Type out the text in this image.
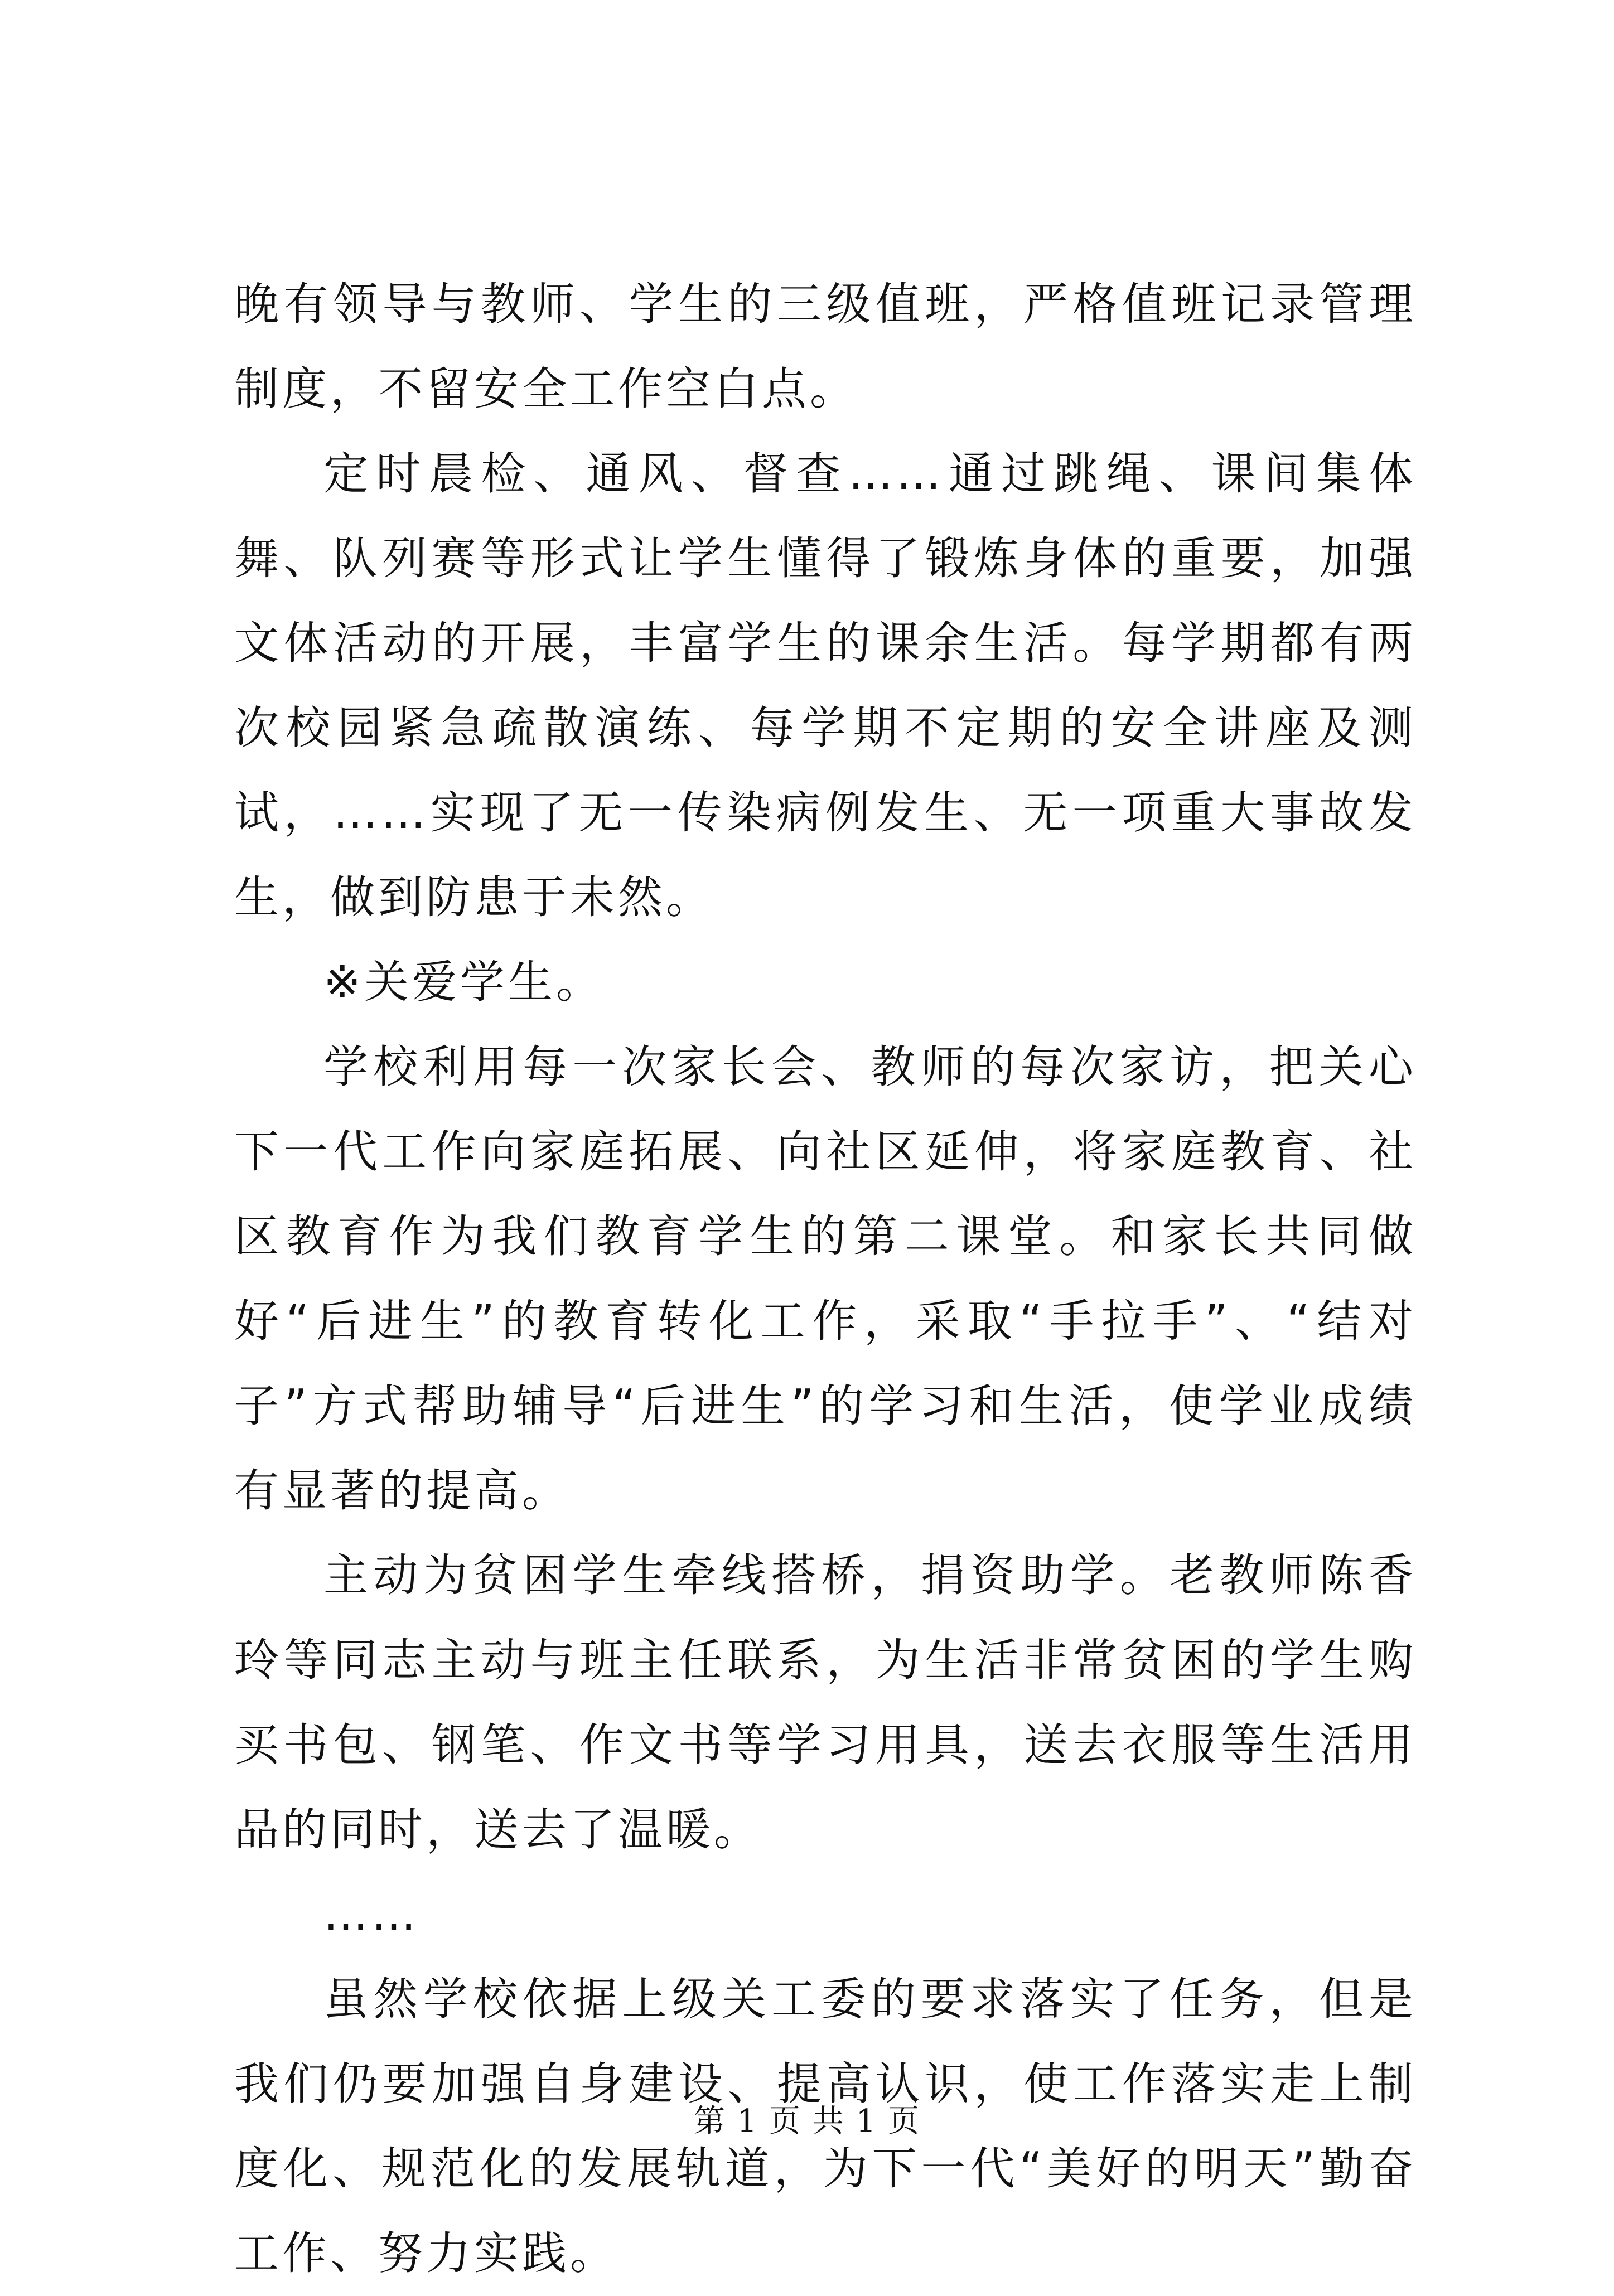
晚有领导与教师、学生的三级值班，严格值班记录管理制度，不留安全工作空白点。

定时晨检、通风、督查……通过跳绳、课间集体舞、队列赛等形式让学生懂得了锻炼身体的重要，加强文体活动的开展，丰富学生的课余生活。每学期都有两次校园紧急疏散演练、每学期不定期的安全讲座及测试，……实现了无一传染病例发生、无一项重大事故发生，做到防患于未然。

※关爱学生。

学校利用每一次家长会、教师的每次家访，把关心下一代工作向家庭拓展、向社区延伸，将家庭教育、社区教育作为我们教育学生的第二课堂。和家长共同做好“后进生”的教育转化工作，采取“手拉手”、“结对子”方式帮助辅导“后进生”的学习和生活，使学业成绩有显著的提高。

主动为贫困学生牵线搭桥，捐资助学。老教师陈香玲等同志主动与班主任联系，为生活非常贫困的学生购买书包、钢笔、作文书等学习用具，送去衣服等生活用品的同时，送去了温暖。

……

虽然学校依据上级关工委的要求落实了任务，但是我们仍要加强自身建设、提高认识，使工作落实走上制度化、规范化的发展轨道，为下一代“美好的明天”勤奋工作、努力实践。

第 1 页 共 1 页
